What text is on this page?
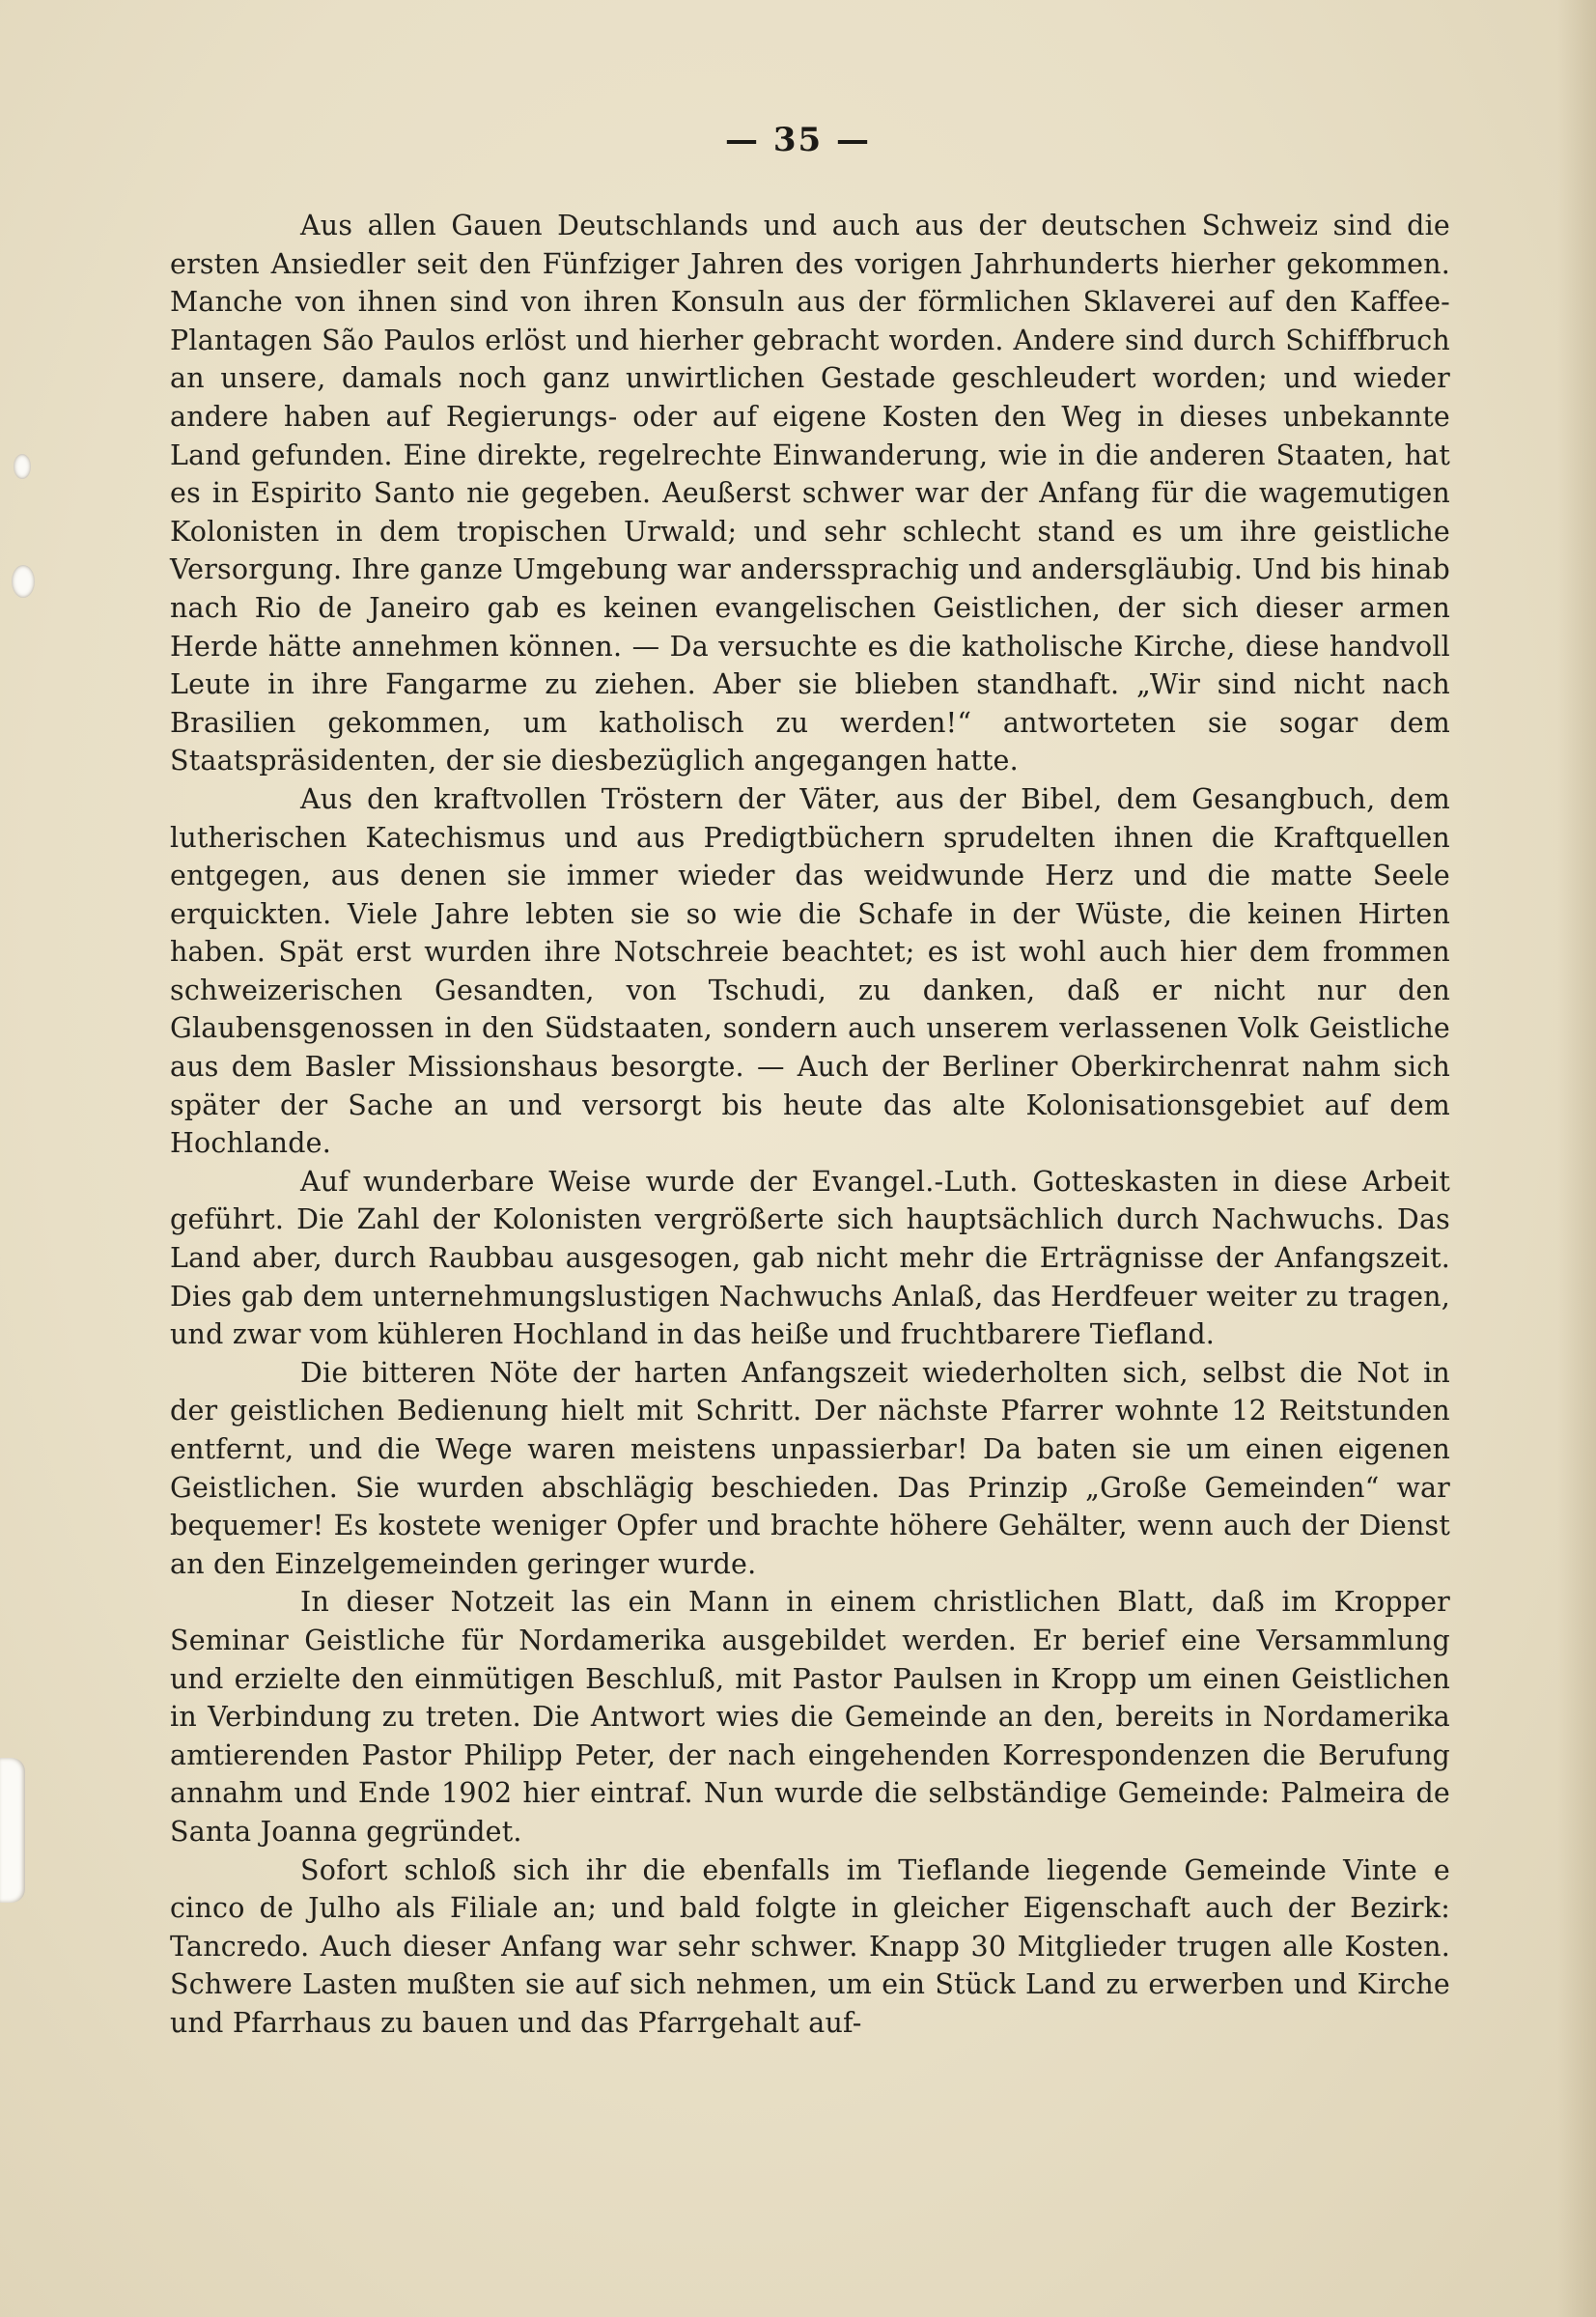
— 35 —

Aus allen Gauen Deutschlands und auch aus der deutschen Schweiz sind die ersten Ansiedler seit den Fünfziger Jahren des vorigen Jahrhunderts hierher gekommen. Manche von ihnen sind von ihren Konsuln aus der förmlichen Sklaverei auf den Kaffee-Plantagen São Paulos erlöst und hierher gebracht worden. Andere sind durch Schiffbruch an unsere, damals noch ganz unwirtlichen Gestade geschleudert worden; und wieder andere haben auf Regierungs- oder auf eigene Kosten den Weg in dieses unbekannte Land gefunden. Eine direkte, regelrechte Einwanderung, wie in die anderen Staaten, hat es in Espirito Santo nie gegeben. Aeußerst schwer war der Anfang für die wagemutigen Kolonisten in dem tropischen Urwald; und sehr schlecht stand es um ihre geistliche Versorgung. Ihre ganze Umgebung war anderssprachig und andersgläubig. Und bis hinab nach Rio de Janeiro gab es keinen evangelischen Geistlichen, der sich dieser armen Herde hätte annehmen können. — Da versuchte es die katholische Kirche, diese handvoll Leute in ihre Fangarme zu ziehen. Aber sie blieben standhaft. „Wir sind nicht nach Brasilien gekommen, um katholisch zu werden!“ antworteten sie sogar dem Staatspräsidenten, der sie diesbezüglich angegangen hatte.

Aus den kraftvollen Tröstern der Väter, aus der Bibel, dem Gesangbuch, dem lutherischen Katechismus und aus Predigtbüchern sprudelten ihnen die Kraftquellen entgegen, aus denen sie immer wieder das weidwunde Herz und die matte Seele erquickten. Viele Jahre lebten sie so wie die Schafe in der Wüste, die keinen Hirten haben. Spät erst wurden ihre Notschreie beachtet; es ist wohl auch hier dem frommen schweizerischen Gesandten, von Tschudi, zu danken, daß er nicht nur den Glaubensgenossen in den Südstaaten, sondern auch unserem verlassenen Volk Geistliche aus dem Basler Missionshaus besorgte. — Auch der Berliner Oberkirchenrat nahm sich später der Sache an und versorgt bis heute das alte Kolonisationsgebiet auf dem Hochlande.

Auf wunderbare Weise wurde der Evangel.-Luth. Gotteskasten in diese Arbeit geführt. Die Zahl der Kolonisten vergrößerte sich hauptsächlich durch Nachwuchs. Das Land aber, durch Raubbau ausgesogen, gab nicht mehr die Erträgnisse der Anfangszeit. Dies gab dem unternehmungslustigen Nachwuchs Anlaß, das Herdfeuer weiter zu tragen, und zwar vom kühleren Hochland in das heiße und fruchtbarere Tiefland.

Die bitteren Nöte der harten Anfangszeit wiederholten sich, selbst die Not in der geistlichen Bedienung hielt mit Schritt. Der nächste Pfarrer wohnte 12 Reitstunden entfernt, und die Wege waren meistens unpassierbar! Da baten sie um einen eigenen Geistlichen. Sie wurden abschlägig beschieden. Das Prinzip „Große Gemeinden“ war bequemer! Es kostete weniger Opfer und brachte höhere Gehälter, wenn auch der Dienst an den Einzelgemeinden geringer wurde.

In dieser Notzeit las ein Mann in einem christlichen Blatt, daß im Kropper Seminar Geistliche für Nordamerika ausgebildet werden. Er berief eine Versammlung und erzielte den einmütigen Beschluß, mit Pastor Paulsen in Kropp um einen Geistlichen in Verbindung zu treten. Die Antwort wies die Gemeinde an den, bereits in Nordamerika amtierenden Pastor Philipp Peter, der nach eingehenden Korrespondenzen die Berufung annahm und Ende 1902 hier eintraf. Nun wurde die selbständige Gemeinde: Palmeira de Santa Joanna gegründet.

Sofort schloß sich ihr die ebenfalls im Tieflande liegende Gemeinde Vinte e cinco de Julho als Filiale an; und bald folgte in gleicher Eigenschaft auch der Bezirk: Tancredo. Auch dieser Anfang war sehr schwer. Knapp 30 Mitglieder trugen alle Kosten. Schwere Lasten mußten sie auf sich nehmen, um ein Stück Land zu erwerben und Kirche und Pfarrhaus zu bauen und das Pfarrgehalt auf-
